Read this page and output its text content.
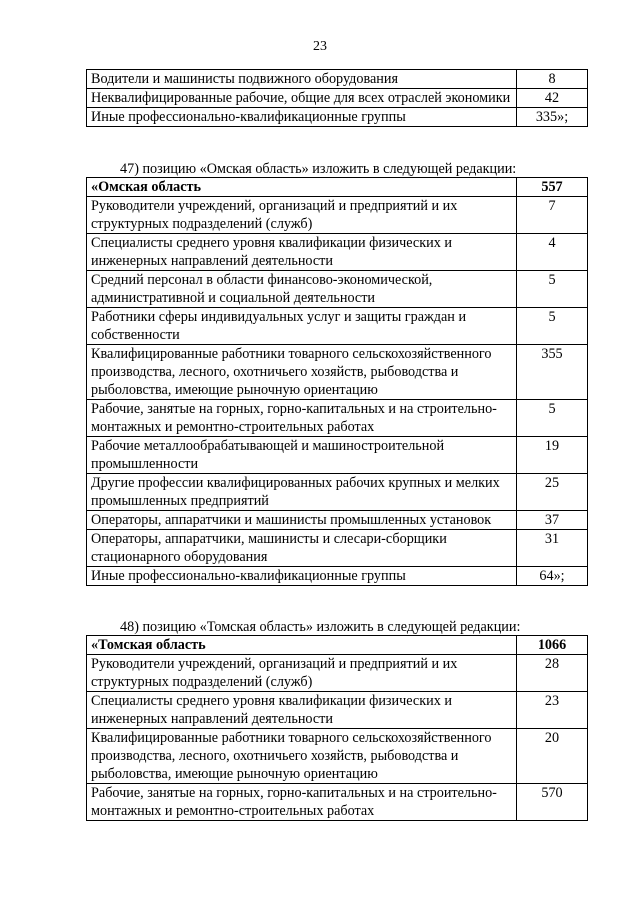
23
Водители и машинисты подвижного оборудования	8
Неквалифицированные рабочие, общие для всех отраслей экономики	42
Иные профессионально-квалификационные группы	335»;
47) позицию «Омская область» изложить в следующей редакции:
«Омская область	557
Руководители учреждений, организаций и предприятий и их структурных подразделений (служб)	7
Специалисты среднего уровня квалификации физических и инженерных направлений деятельности	4
Средний персонал в области финансово-экономической, административной и социальной деятельности	5
Работники сферы индивидуальных услуг и защиты граждан и собственности	5
Квалифицированные работники товарного сельскохозяйственного производства, лесного, охотничьего хозяйств, рыбоводства и рыболовства, имеющие рыночную ориентацию	355
Рабочие, занятые на горных, горно-капитальных и на строительно-монтажных и ремонтно-строительных работах	5
Рабочие металлообрабатывающей и машиностроительной промышленности	19
Другие профессии квалифицированных рабочих крупных и мелких промышленных предприятий	25
Операторы, аппаратчики и машинисты промышленных установок	37
Операторы, аппаратчики, машинисты и слесари-сборщики стационарного оборудования	31
Иные профессионально-квалификационные группы	64»;
48) позицию «Томская область» изложить в следующей редакции:
«Томская область	1066
Руководители учреждений, организаций и предприятий и их структурных подразделений (служб)	28
Специалисты среднего уровня квалификации физических и инженерных направлений деятельности	23
Квалифицированные работники товарного сельскохозяйственного производства, лесного, охотничьего хозяйств, рыбоводства и рыболовства, имеющие рыночную ориентацию	20
Рабочие, занятые на горных, горно-капитальных и на строительно-монтажных и ремонтно-строительных работах	570
